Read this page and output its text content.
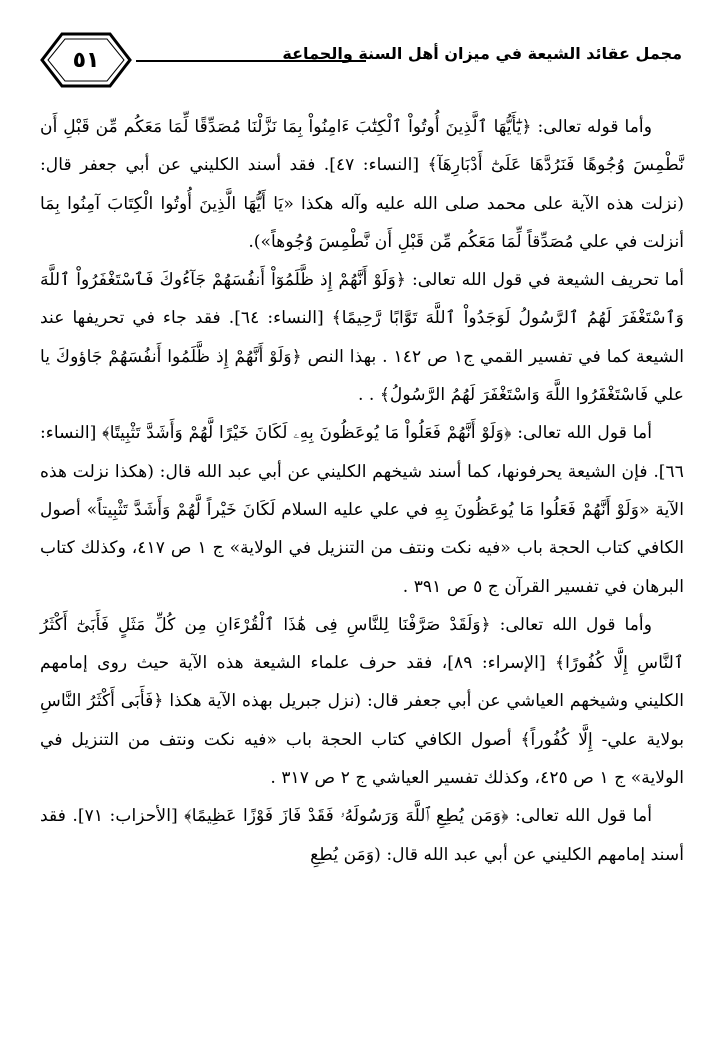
٥١	مجمل عقائد الشيعة في ميزان أهل السنة والجماعة

وأما قوله تعالى: ﴿يَٰٓأَيُّهَا ٱلَّذِينَ أُوتُواْ ٱلْكِتَٰبَ ءَامِنُواْ بِمَا نَزَّلْنَا مُصَدِّقًا لِّمَا مَعَكُم مِّن قَبْلِ أَن نَّطْمِسَ وُجُوهًا فَنَرُدَّهَا عَلَىٰٓ أَدْبَارِهَآ﴾ [النساء: ٤٧]. فقد أسند الكليني عن أبي جعفر قال: (نزلت هذه الآية على محمد صلى الله عليه وآله هكذا «يَا أَيُّهَا الَّذِينَ أُوتُوا الْكِتَابَ آمِنُوا بِمَا أنزلت في علي مُصَدِّقاً لِّمَا مَعَكُم مِّن قَبْلِ أَن نَّطْمِسَ وُجُوهاً»).

أما تحريف الشيعة في قول الله تعالى: ﴿وَلَوْ أَنَّهُمْ إِذ ظَّلَمُوٓاْ أَنفُسَهُمْ جَآءُوكَ فَٱسْتَغْفَرُواْ ٱللَّهَ وَٱسْتَغْفَرَ لَهُمُ ٱلرَّسُولُ لَوَجَدُواْ ٱللَّهَ تَوَّابًا رَّحِيمًا﴾ [النساء: ٦٤]. فقد جاء في تحريفها عند الشيعة كما في تفسير القمي ج١ ص ١٤٢ . بهذا النص ﴿وَلَوْ أَنَّهُمْ إِذ ظَّلَمُوا أَنفُسَهُمْ جَاؤوكَ يا علي فَاسْتَغْفَرُوا اللَّهَ وَاسْتَغْفَرَ لَهُمُ الرَّسُولُ﴾ . .

أما قول الله تعالى: ﴿وَلَوْ أَنَّهُمْ فَعَلُواْ مَا يُوعَظُونَ بِهِۦ لَكَانَ خَيْرًا لَّهُمْ وَأَشَدَّ تَثْبِيتًا﴾ [النساء: ٦٦]. فإن الشيعة يحرفونها، كما أسند شيخهم الكليني عن أبي عبد الله قال: (هكذا نزلت هذه الآية «وَلَوْ أَنَّهُمْ فَعَلُوا مَا يُوعَظُونَ بِهِ في علي عليه السلام لَكَانَ خَيْراً لَّهُمْ وَأَشَدَّ تَثْبِيتاً» أصول الكافي كتاب الحجة باب «فيه نكت ونتف من التنزيل في الولاية» ج ١ ص ٤١٧، وكذلك كتاب البرهان في تفسير القرآن ج ٥ ص ٣٩١ .

وأما قول الله تعالى: ﴿وَلَقَدْ صَرَّفْنَا لِلنَّاسِ فِى هَٰذَا ٱلْقُرْءَانِ مِن كُلِّ مَثَلٍ فَأَبَىٰٓ أَكْثَرُ ٱلنَّاسِ إِلَّا كُفُورًا﴾ [الإسراء: ٨٩]، فقد حرف علماء الشيعة هذه الآية حيث روى إمامهم الكليني وشيخهم العياشي عن أبي جعفر قال: (نزل جبريل بهذه الآية هكذا ﴿فَأَبَى أَكْثَرُ النَّاسِ بولاية علي- إِلَّا كُفُوراً﴾ أصول الكافي كتاب الحجة باب «فيه نكت ونتف من التنزيل في الولاية» ج ١ ص ٤٢٥، وكذلك تفسير العياشي ج ٢ ص ٣١٧ .

أما قول الله تعالى: ﴿وَمَن يُطِعِ ٱللَّهَ وَرَسُولَهُۥ فَقَدْ فَازَ فَوْزًا عَظِيمًا﴾ [الأحزاب: ٧١]. فقد أسند إمامهم الكليني عن أبي عبد الله قال: (وَمَن يُطِعِ
